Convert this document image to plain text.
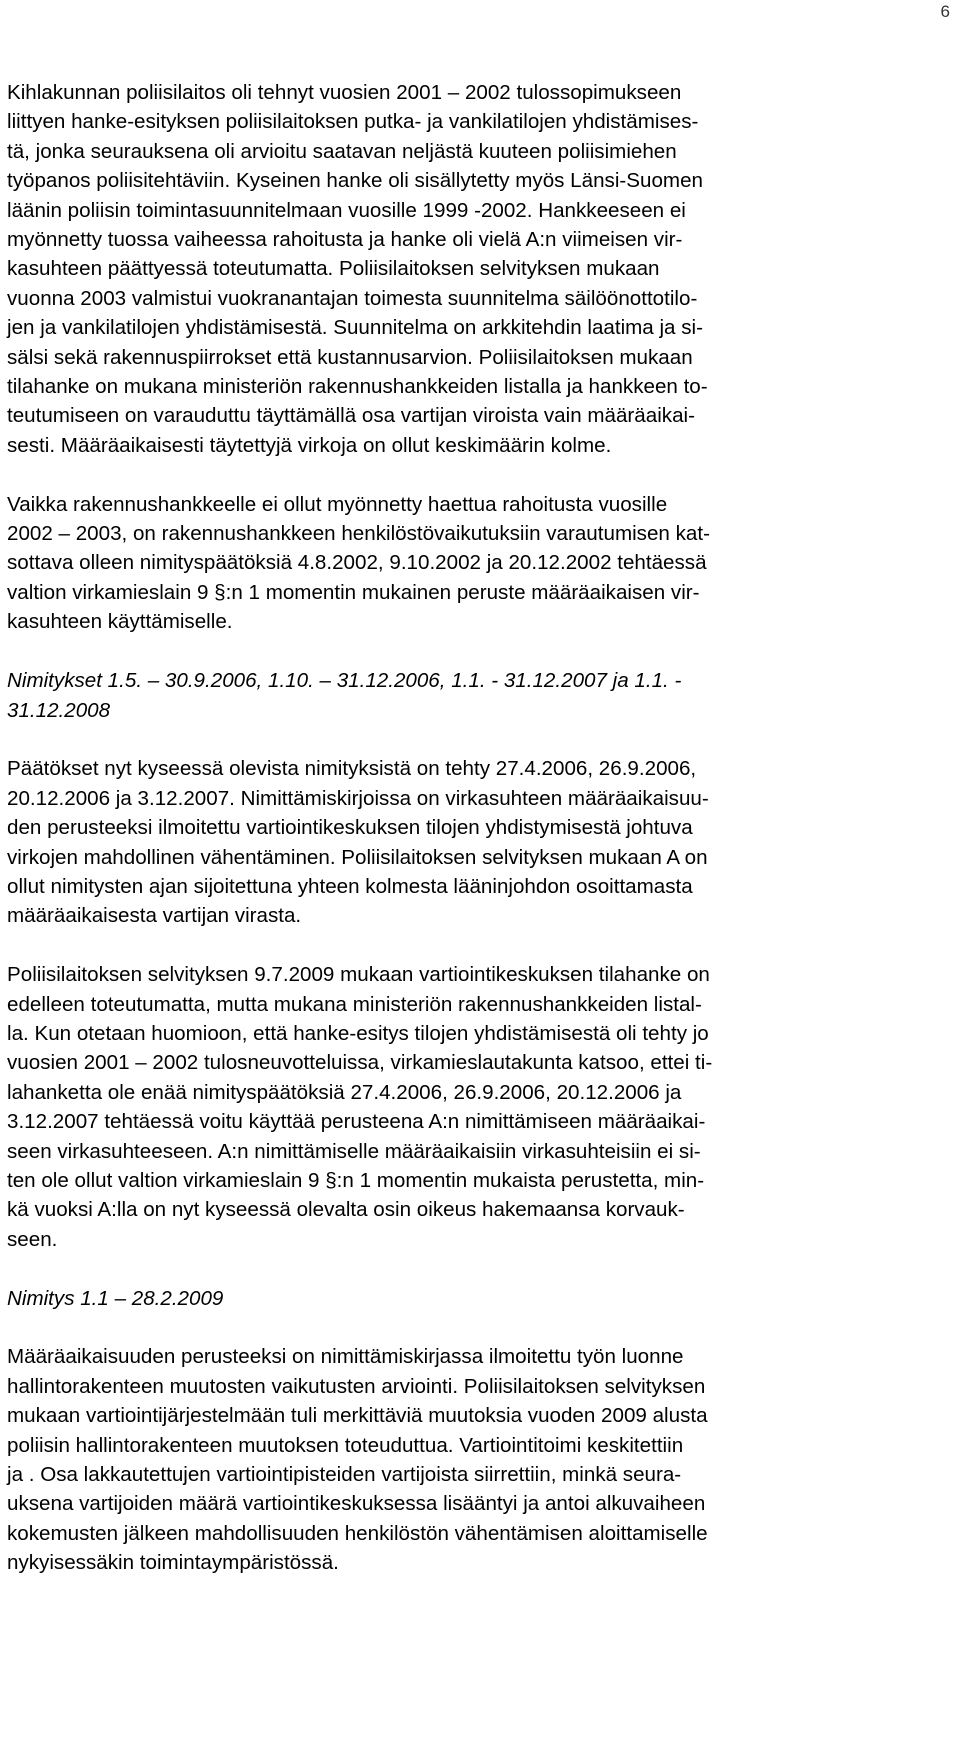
6
Kihlakunnan poliisilaitos oli tehnyt vuosien 2001 – 2002 tulossopimukseen
liittyen hanke-esityksen poliisilaitoksen putka- ja vankilatilojen yhdistämises-
tä, jonka seurauksena oli arvioitu saatavan neljästä kuuteen poliisimiehen
työpanos poliisitehtäviin. Kyseinen hanke oli sisällytetty myös Länsi-Suomen
läänin poliisin toimintasuunnitelmaan vuosille 1999 -2002. Hankkeeseen ei
myönnetty tuossa vaiheessa rahoitusta ja hanke oli vielä A:n viimeisen vir-
kasuhteen päättyessä toteutumatta. Poliisilaitoksen selvityksen mukaan
vuonna 2003 valmistui vuokranantajan toimesta suunnitelma säilöönottotilo-
jen ja vankilatilojen yhdistämisestä. Suunnitelma on arkkitehdin laatima ja si-
sälsi sekä rakennuspiirrokset että kustannusarvion. Poliisilaitoksen mukaan
tilahanke on mukana ministeriön rakennushankkeiden listalla ja hankkeen to-
teutumiseen on varauduttu täyttämällä osa vartijan viroista vain määräaikai-
sesti. Määräaikaisesti täytettyjä virkoja on ollut keskimäärin kolme.
Vaikka rakennushankkeelle ei ollut myönnetty haettua rahoitusta vuosille
2002 – 2003, on rakennushankkeen henkilöstövaikutuksiin varautumisen kat-
sottava olleen nimityspäätöksiä 4.8.2002, 9.10.2002 ja 20.12.2002 tehtäessä
valtion virkamieslain 9 §:n 1 momentin mukainen peruste määräaikaisen vir-
kasuhteen käyttämiselle.
Nimitykset 1.5. – 30.9.2006, 1.10. – 31.12.2006, 1.1. - 31.12.2007 ja 1.1. -
31.12.2008
Päätökset nyt kyseessä olevista nimityksistä on tehty 27.4.2006, 26.9.2006,
20.12.2006 ja 3.12.2007. Nimittämiskirjoissa on virkasuhteen määräaikaisuu-
den perusteeksi ilmoitettu vartiointikeskuksen tilojen yhdistymisestä johtuva
virkojen mahdollinen vähentäminen. Poliisilaitoksen selvityksen mukaan A on
ollut nimitysten ajan sijoitettuna yhteen kolmesta lääninjohdon osoittamasta
määräaikaisesta vartijan virasta.
Poliisilaitoksen selvityksen 9.7.2009 mukaan vartiointikeskuksen tilahanke on
edelleen toteutumatta, mutta mukana ministeriön rakennushankkeiden listal-
la. Kun otetaan huomioon, että hanke-esitys tilojen yhdistämisestä oli tehty jo
vuosien 2001 – 2002 tulosneuvotteluissa, virkamieslautakunta katsoo, ettei ti-
lahanketta ole enää nimityspäätöksiä 27.4.2006, 26.9.2006, 20.12.2006 ja
3.12.2007 tehtäessä voitu käyttää perusteena A:n nimittämiseen määräaikai-
seen virkasuhteeseen. A:n nimittämiselle määräaikaisiin virkasuhteisiin ei si-
ten ole ollut valtion virkamieslain 9 §:n 1 momentin mukaista perustetta, min-
kä vuoksi A:lla on nyt kyseessä olevalta osin oikeus hakemaansa korvauk-
seen.
Nimitys 1.1 – 28.2.2009
Määräaikaisuuden perusteeksi on nimittämiskirjassa ilmoitettu työn luonne
hallintorakenteen muutosten vaikutusten arviointi. Poliisilaitoksen selvityksen
mukaan vartiointijärjestelmään tuli merkittäviä muutoksia vuoden 2009 alusta
poliisin hallintorakenteen muutoksen toteuduttua. Vartiointitoimi keskitettiin
ja . Osa lakkautettujen vartiointipisteiden vartijoista siirrettiin, minkä seura-
uksena vartijoiden määrä vartiointikeskuksessa lisääntyi ja antoi alkuvaiheen
kokemusten jälkeen mahdollisuuden henkilöstön vähentämisen aloittamiselle
nykyisessäkin toimintaympäristössä.
